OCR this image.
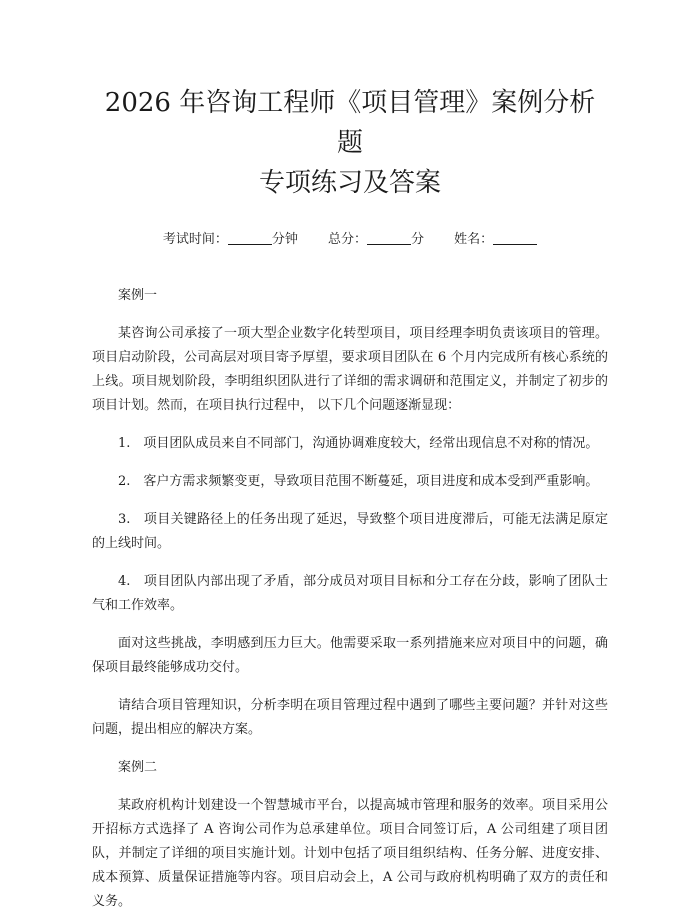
2026 年咨询工程师《项目管理》案例分析题
专项练习及答案
考试时间：	分钟 总分：	分 姓名：

案例一

某咨询公司承接了一项大型企业数字化转型项目，项目经理李明负责该项目的管理。项目启动阶段，公司高层对项目寄予厚望，要求项目团队在 6 个月内完成所有核心系统的上线。项目规划阶段，李明组织团队进行了详细的需求调研和范围定义，并制定了初步的项目计划。然而，在项目执行过程中， 以下几个问题逐渐显现：

1.　项目团队成员来自不同部门，沟通协调难度较大，经常出现信息不对称的情况。

2.　客户方需求频繁变更，导致项目范围不断蔓延，项目进度和成本受到严重影响。

3.　项目关键路径上的任务出现了延迟，导致整个项目进度滞后，可能无法满足原定的上线时间。

4.　项目团队内部出现了矛盾，部分成员对项目目标和分工存在分歧，影响了团队士气和工作效率。

面对这些挑战，李明感到压力巨大。他需要采取一系列措施来应对项目中的问题，确保项目最终能够成功交付。

请结合项目管理知识，分析李明在项目管理过程中遇到了哪些主要问题？并针对这些问题，提出相应的解决方案。

案例二

某政府机构计划建设一个智慧城市平台，以提高城市管理和服务的效率。项目采用公开招标方式选择了 A 咨询公司作为总承建单位。项目合同签订后，A 公司组建了项目团队，并制定了详细的项目实施计划。计划中包括了项目组织结构、任务分解、进度安排、成本预算、质量保证措施等内容。项目启动会上，A 公司与政府机构明确了双方的责任和义务。
